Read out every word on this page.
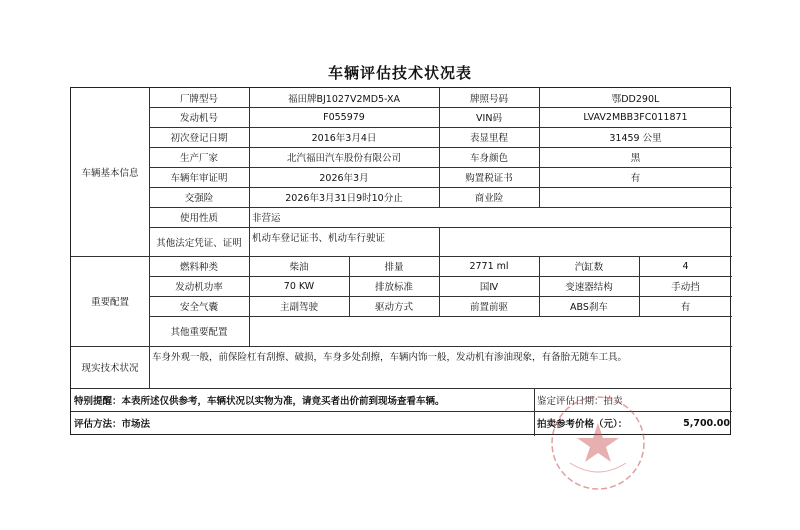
车辆评估技术状况表
车辆基本信息
重要配置
现实技术状况
厂牌型号	福田牌BJ1027V2MD5-XA	牌照号码	鄂DD290L
发动机号	F055979	VIN码	LVAV2MBB3FC011871
初次登记日期	2016年3月4日	表显里程	31459 公里
生产厂家	北汽福田汽车股份有限公司	车身颜色	黑
车辆年审证明	2026年3月	购置税证书	有
交强险	2026年3月31日9时10分止	商业险
使用性质	非营运
其他法定凭证、证明	机动车登记证书、机动车行驶证
燃料种类	柴油	排量	2771 ml	汽缸数	4
发动机功率	70 KW	排放标准	国Ⅳ	变速器结构	手动挡
安全气囊	主副驾驶	驱动方式	前置前驱	ABS刹车	有
其他重要配置
车身外观一般，前保险杠有刮擦、破损，车身多处刮擦，车辆内饰一般，发动机有渗油现象，有备胎无随车工具。
特别提醒：本表所述仅供参考，车辆状况以实物为准，请竞买者出价前到现场查看车辆。	鉴定评估日期：拍卖
评估方法：市场法	拍卖参考价格（元）：	5,700.00
